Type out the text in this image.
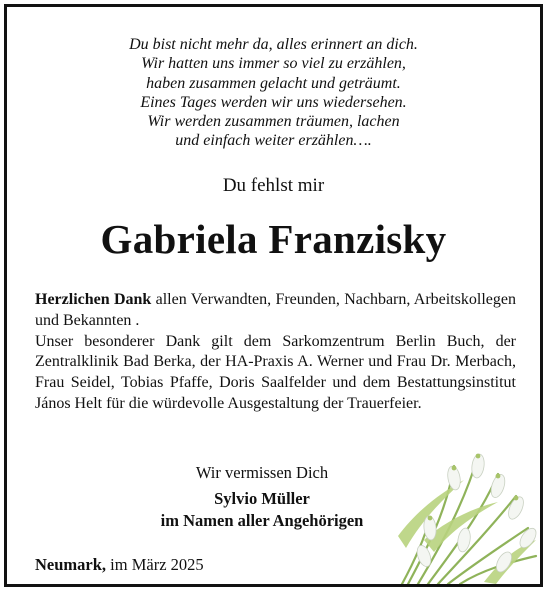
Du bist nicht mehr da, alles erinnert an dich.
Wir hatten uns immer so viel zu erzählen,
haben zusammen gelacht und geträumt.
Eines Tages werden wir uns wiedersehen.
Wir werden zusammen träumen, lachen
und einfach weiter erzählen….
Du fehlst mir
Gabriela Franzisky

Herzlichen Dank allen Verwandten, Freunden, Nachbarn, Arbeitskollegen und Bekannten .

Unser besonderer Dank gilt dem Sarkomzentrum Berlin Buch, der Zentralklinik Bad Berka, der HA-Praxis A. Werner und Frau Dr. Merbach, Frau Seidel, Tobias Pfaffe, Doris Saalfelder und dem Bestattungsinstitut János Helt für die würdevolle Ausgestaltung der Trauerfeier.

Wir vermissen Dich
Sylvio Müller
im Namen aller Angehörigen
Neumark, im März 2025
